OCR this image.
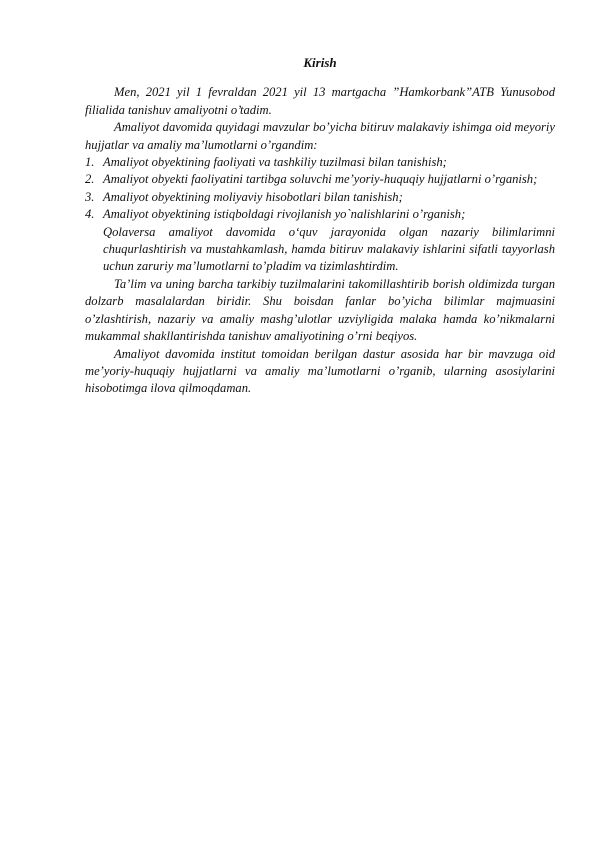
Kirish

Men, 2021 yil 1 fevraldan 2021 yil 13 martgacha ”Hamkorbank”ATB Yunusobod filialida tanishuv amaliyotni o’tadim.

Amaliyot davomida quyidagi mavzular bo’yicha bitiruv malakaviy ishimga oid meyoriy hujjatlar va amaliy ma’lumotlarni o’rgandim:

1. Amaliyot obyektining faoliyati va tashkiliy tuzilmasi bilan tanishish;
2. Amaliyot obyekti faoliyatini tartibga soluvchi me’yoriy-huquqiy hujjatlarni o’rganish;
3. Amaliyot obyektining moliyaviy hisobotlari bilan tanishish;
4. Amaliyot obyektining istiqboldagi rivojlanish yo`nalishlarini o’rganish;

Qolaversa amaliyot davomida o‘quv jarayonida olgan nazariy bilimlarimni chuqurlashtirish va mustahkamlash, hamda bitiruv malakaviy ishlarini sifatli tayyorlash uchun zaruriy ma’lumotlarni to’pladim va tizimlashtirdim.

Ta’lim va uning barcha tarkibiy tuzilmalarini takomillashtirib borish oldimizda turgan dolzarb masalalardan biridir. Shu boisdan fanlar bo’yicha bilimlar majmuasini o’zlashtirish, nazariy va amaliy mashg’ulotlar uzviyligida malaka hamda ko’nikmalarni mukammal shakllantirishda tanishuv amaliyotining o’rni beqiyos.

Amaliyot davomida institut tomoidan berilgan dastur asosida har bir mavzuga oid me’yoriy-huquqiy hujjatlarni va amaliy ma’lumotlarni o’rganib, ularning asosiylarini hisobotimga ilova qilmoqdaman.
